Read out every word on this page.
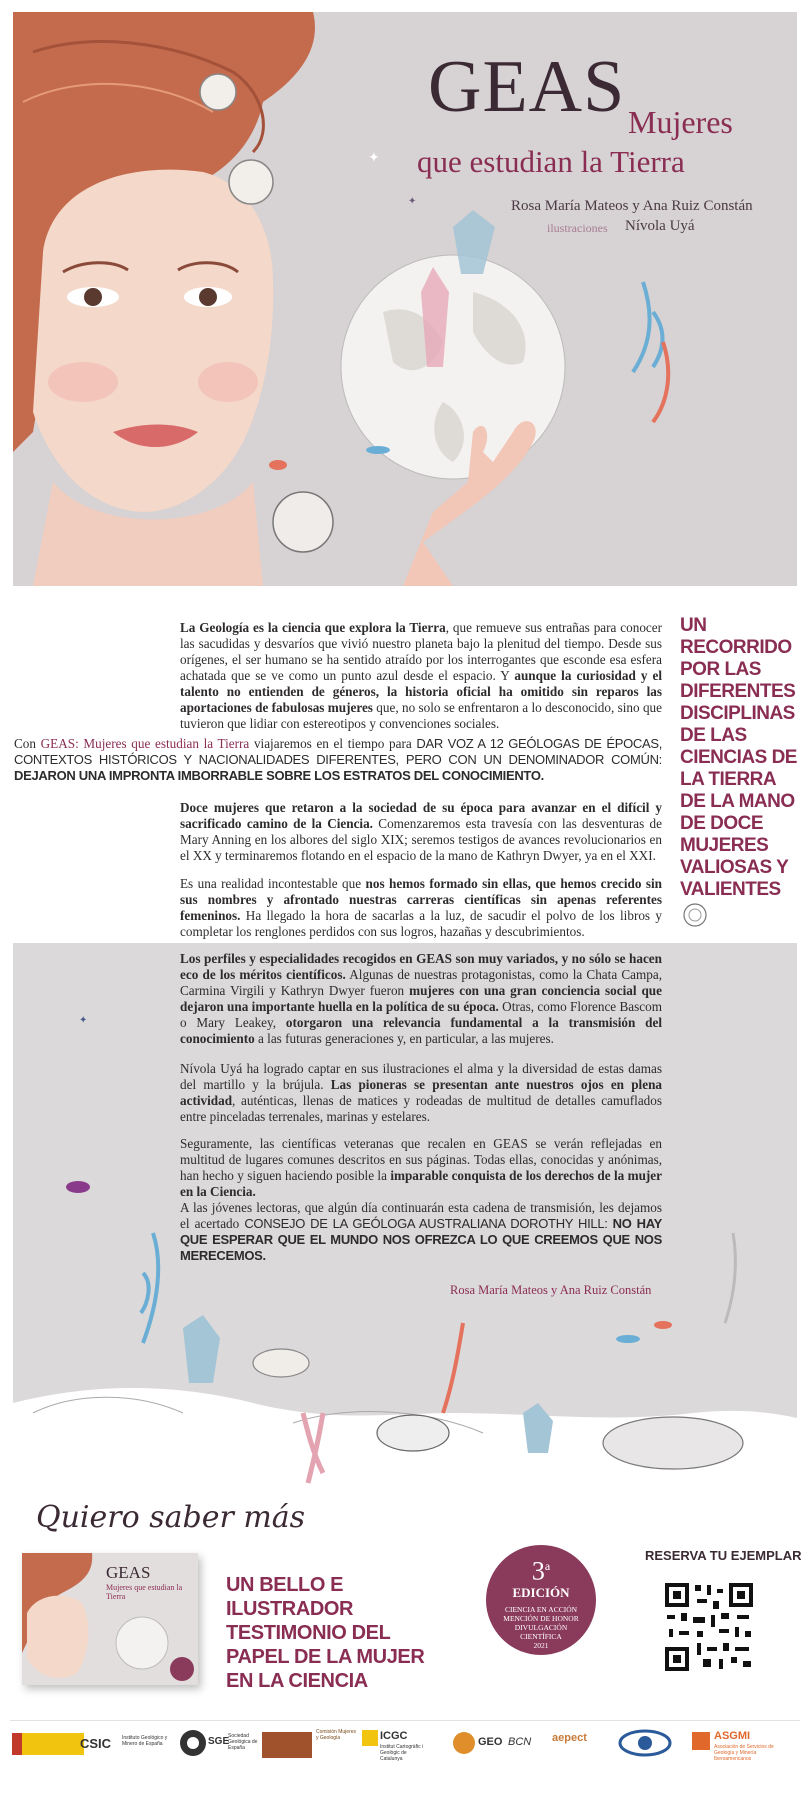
✦
✦
GEAS Mujeres
que estudian la Tierra
Rosa María Mateos y Ana Ruiz Constán
ilustraciones Nívola Uyá
La Geología es la ciencia que explora la Tierra, que remueve sus entrañas para conocer las sacudidas y desvaríos que vivió nuestro planeta bajo la plenitud del tiempo. Desde sus orígenes, el ser humano se ha sentido atraído por los interrogantes que esconde esa esfera achatada que se ve como un punto azul desde el espacio. Y aunque la curiosidad y el talento no entienden de géneros, la historia oficial ha omitido sin reparos las aportaciones de fabulosas mujeres que, no solo se enfrentaron a lo desconocido, sino que tuvieron que lidiar con estereotipos y convenciones sociales.
Con GEAS: Mujeres que estudian la Tierra viajaremos en el tiempo para DAR VOZ A 12 GEÓLOGAS DE ÉPOCAS, CONTEXTOS HISTÓRICOS Y NACIONALIDADES DIFERENTES, PERO CON UN DENOMINADOR COMÚN: DEJARON UNA IMPRONTA IMBORRABLE SOBRE LOS ESTRATOS DEL CONOCIMIENTO.
Doce mujeres que retaron a la sociedad de su época para avanzar en el difícil y sacrificado camino de la Ciencia. Comenzaremos esta travesía con las desventuras de Mary Anning en los albores del siglo XIX; seremos testigos de avances revolucionarios en el XX y terminaremos flotando en el espacio de la mano de Kathryn Dwyer, ya en el XXI.
Es una realidad incontestable que nos hemos formado sin ellas, que hemos crecido sin sus nombres y afrontado nuestras carreras científicas sin apenas referentes femeninos. Ha llegado la hora de sacarlas a la luz, de sacudir el polvo de los libros y completar los renglones perdidos con sus logros, hazañas y descubrimientos.
UN RECORRIDO POR LAS DIFERENTES DISCIPLINAS DE LAS CIENCIAS DE LA TIERRA DE LA MANO DE DOCE MUJERES VALIOSAS Y VALIENTES
✦
Los perfiles y especialidades recogidos en GEAS son muy variados, y no sólo se hacen eco de los méritos científicos. Algunas de nuestras protagonistas, como la Chata Campa, Carmina Virgili y Kathryn Dwyer fueron mujeres con una gran conciencia social que dejaron una importante huella en la política de su época. Otras, como Florence Bascom o Mary Leakey, otorgaron una relevancia fundamental a la transmisión del conocimiento a las futuras generaciones y, en particular, a las mujeres.
Nívola Uyá ha logrado captar en sus ilustraciones el alma y la diversidad de estas damas del martillo y la brújula. Las pioneras se presentan ante nuestros ojos en plena actividad, auténticas, llenas de matices y rodeadas de multitud de detalles camuflados entre pinceladas terrenales, marinas y estelares.
Seguramente, las científicas veteranas que recalen en GEAS se verán reflejadas en multitud de lugares comunes descritos en sus páginas. Todas ellas, conocidas y anónimas, han hecho y siguen haciendo posible la imparable conquista de los derechos de la mujer en la Ciencia.
A las jóvenes lectoras, que algún día continuarán esta cadena de transmisión, les dejamos el acertado CONSEJO DE LA GEÓLOGA AUSTRALIANA DOROTHY HILL: NO HAY QUE ESPERAR QUE EL MUNDO NOS OFREZCA LO QUE CREEMOS QUE NOS MERECEMOS.
Rosa María Mateos y Ana Ruiz Constán
Quiero saber más
GEAS
Mujeres que estudian la Tierra
UN BELLO E ILUSTRADOR TESTIMONIO DEL PAPEL DE LA MUJER EN LA CIENCIA
3$^a$
EDICIÓN
CIENCIA EN ACCIÓN
MENCIÓN DE HONOR
DIVULGACIÓN
CIENTÍFICA
2021
RESERVA TU EJEMPLAR
CSIC Instituto Geológico y Minero de España	SGE
Sociedad Geológica de España
Comisión Mujeres y Geología	ICGC
Institut Cartogràfic i Geològic de Catalunya
GEO BCN aepect	ASGMI
Asociación de Servicios de Geología y Minería Iberoamericanos
